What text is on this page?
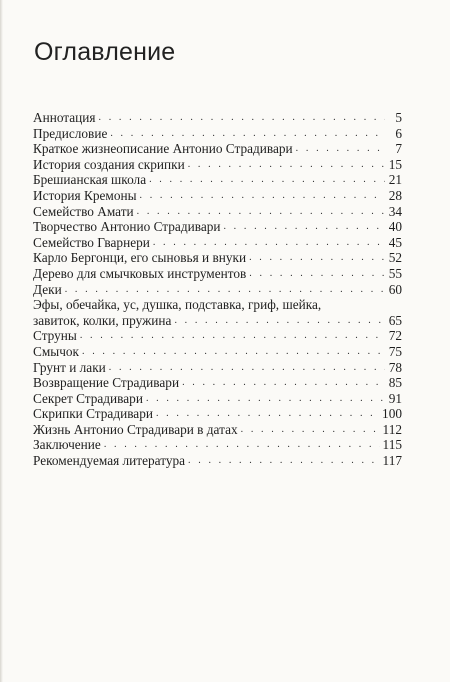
Оглавление
Аннотация . . .	5
Предисловие . . .	6
Краткое жизнеописание Антонио Страдивари . . .	7
История создания скрипки . . .	15
Брешианская школа . . .	21
История Кремоны . . .	28
Семейство Амати . . .	34
Творчество Антонио Страдивари . . .	40
Семейство Гварнери . . .	45
Карло Бергонци, его сыновья и внуки . . .	52
Дерево для смычковых инструментов . . .	55
Деки . . .	60
Эфы, обечайка, ус, душка, подставка, гриф, шейка,
завиток, колки, пружина . . .	65
Струны . . .	72
Смычок . . .	75
Грунт и лаки . . .	78
Возвращение Страдивари . . .	85
Секрет Страдивари . . .	91
Скрипки Страдивари . . .	100
Жизнь Антонио Страдивари в датах . . .	112
Заключение . . .	115
Рекомендуемая литература . . .	117
